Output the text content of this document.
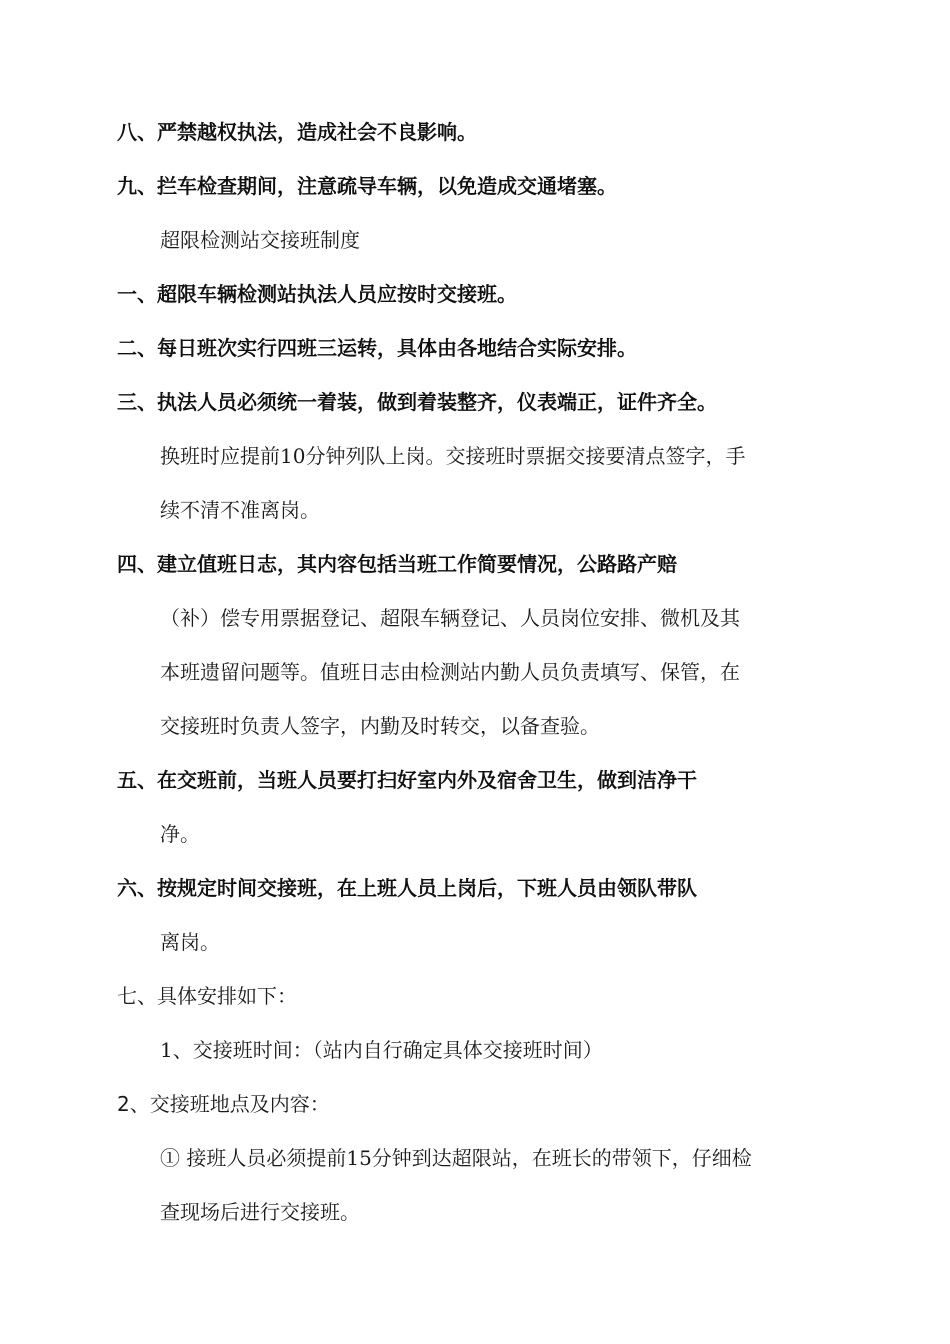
八、严禁越权执法，造成社会不良影响。
九、拦车检查期间，注意疏导车辆，以免造成交通堵塞。
超限检测站交接班制度
一、超限车辆检测站执法人员应按时交接班。
二、每日班次实行四班三运转，具体由各地结合实际安排。
三、执法人员必须统一着装，做到着装整齐，仪表端正，证件齐全。
换班时应提前10分钟列队上岗。交接班时票据交接要清点签字，手
续不清不准离岗。
四、建立值班日志，其内容包括当班工作简要情况，公路路产赔
（补）偿专用票据登记、超限车辆登记、人员岗位安排、微机及其
本班遗留问题等。值班日志由检测站内勤人员负责填写、保管，在
交接班时负责人签字，内勤及时转交，以备查验。
五、在交班前，当班人员要打扫好室内外及宿舍卫生，做到洁净干
净。
六、按规定时间交接班，在上班人员上岗后，下班人员由领队带队
离岗。
七、具体安排如下：
1、交接班时间：（站内自行确定具体交接班时间）
2、交接班地点及内容：
① 接班人员必须提前15分钟到达超限站，在班长的带领下，仔细检
查现场后进行交接班。
